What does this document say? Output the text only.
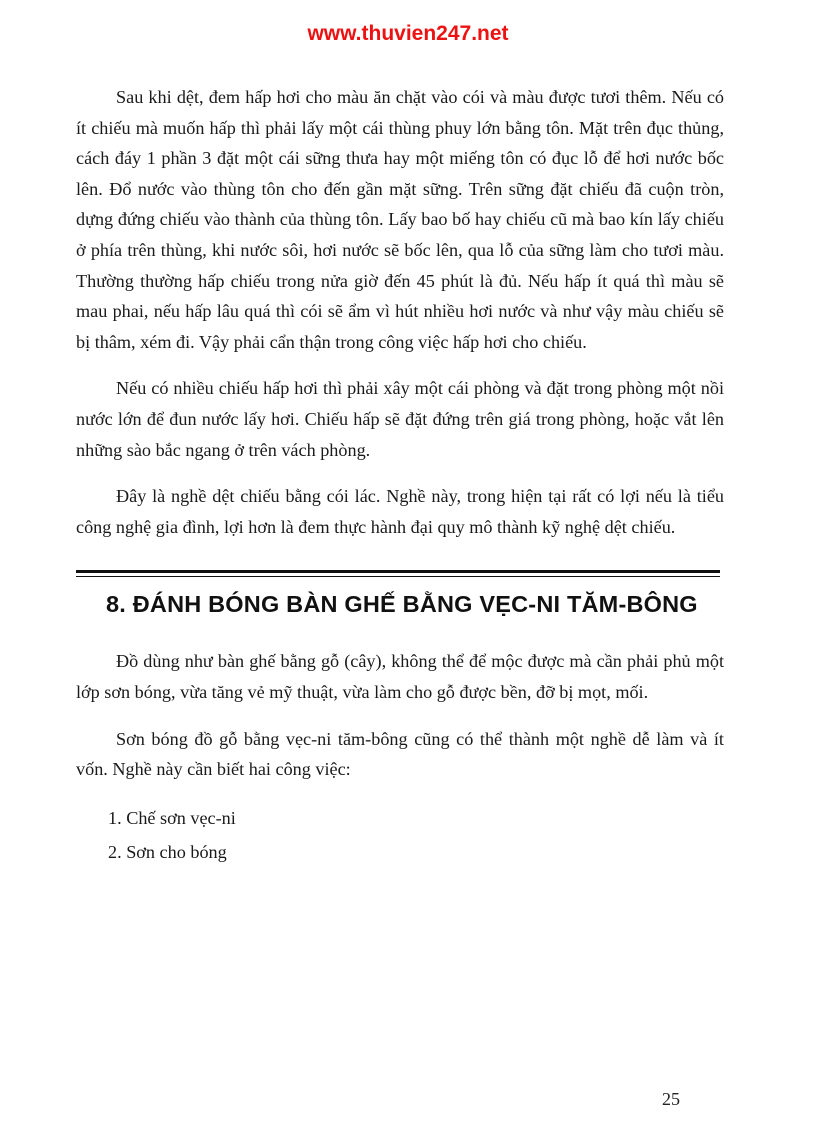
www.thuvien247.net

Sau khi dệt, đem hấp hơi cho màu ăn chặt vào cói và màu được tươi thêm. Nếu có ít chiếu mà muốn hấp thì phải lấy một cái thùng phuy lớn bằng tôn. Mặt trên đục thủng, cách đáy 1 phần 3 đặt một cái sững thưa hay một miếng tôn có đục lỗ để hơi nước bốc lên. Đổ nước vào thùng tôn cho đến gần mặt sững. Trên sững đặt chiếu đã cuộn tròn, dựng đứng chiếu vào thành của thùng tôn. Lấy bao bố hay chiếu cũ mà bao kín lấy chiếu ở phía trên thùng, khi nước sôi, hơi nước sẽ bốc lên, qua lỗ của sững làm cho tươi màu. Thường thường hấp chiếu trong nửa giờ đến 45 phút là đủ. Nếu hấp ít quá thì màu sẽ mau phai, nếu hấp lâu quá thì cói sẽ ẩm vì hút nhiều hơi nước và như vậy màu chiếu sẽ bị thâm, xém đi. Vậy phải cẩn thận trong công việc hấp hơi cho chiếu.

Nếu có nhiều chiếu hấp hơi thì phải xây một cái phòng và đặt trong phòng một nồi nước lớn để đun nước lấy hơi. Chiếu hấp sẽ đặt đứng trên giá trong phòng, hoặc vắt lên những sào bắc ngang ở trên vách phòng.

Đây là nghề dệt chiếu bằng cói lác. Nghề này, trong hiện tại rất có lợi nếu là tiểu công nghệ gia đình, lợi hơn là đem thực hành đại quy mô thành kỹ nghệ dệt chiếu.

8. ĐÁNH BÓNG BÀN GHẾ BẰNG VẸC-NI TĂM-BÔNG

Đồ dùng như bàn ghế bằng gỗ (cây), không thể để mộc được mà cần phải phủ một lớp sơn bóng, vừa tăng vẻ mỹ thuật, vừa làm cho gỗ được bền, đỡ bị mọt, mối.

Sơn bóng đồ gỗ bằng vẹc-ni tăm-bông cũng có thể thành một nghề dễ làm và ít vốn. Nghề này cần biết hai công việc:

1. Chế sơn vẹc-ni
2. Sơn cho bóng
25
